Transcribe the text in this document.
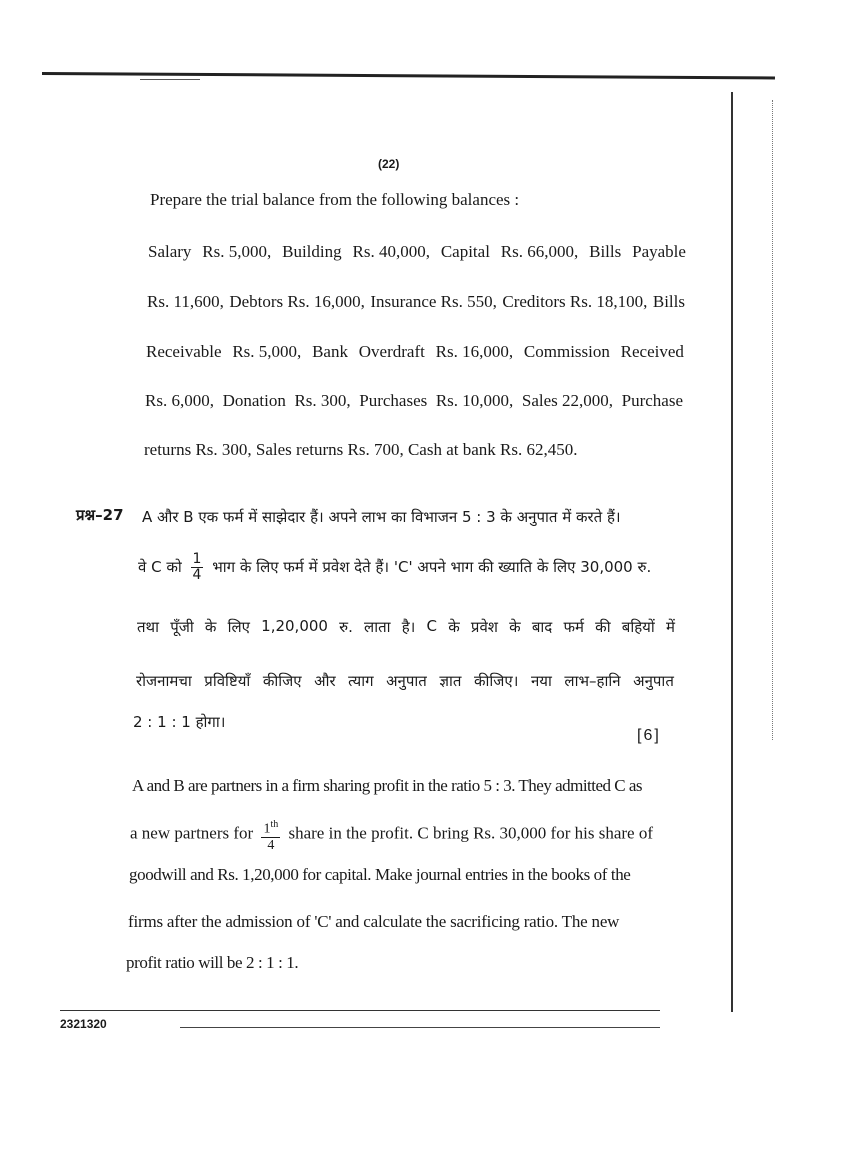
(22)
Prepare the trial balance from the following balances :
Salary Rs. 5,000, Building Rs. 40,000, Capital Rs. 66,000, Bills Payable
Rs. 11,600, Debtors Rs. 16,000, Insurance Rs. 550, Creditors Rs. 18,100, Bills
Receivable Rs. 5,000, Bank Overdraft Rs. 16,000, Commission Received
Rs. 6,000, Donation Rs. 300, Purchases Rs. 10,000, Sales 22,000, Purchase
returns Rs. 300, Sales returns Rs. 700, Cash at bank Rs. 62,450.
प्रश्न–27 A और B एक फर्म में साझेदार हैं। अपने लाभ का विभाजन 5 : 3 के अनुपात में करते हैं।
वे C को $\frac{1}{4}$ भाग के लिए फर्म में प्रवेश देते हैं। 'C' अपने भाग की ख्याति के लिए 30,000 रु.
तथा पूँजी के लिए 1,20,000 रु. लाता है। C के प्रवेश के बाद फर्म की बहियों में
रोजनामचा प्रविष्टियाँ कीजिए और त्याग अनुपात ज्ञात कीजिए। नया लाभ–हानि अनुपात
2 : 1 : 1 होगा।
[6]
A and B are partners in a firm sharing profit in the ratio 5 : 3. They admitted C as
a new partners for $\frac{1^{th}}{4}$ share in the profit. C bring Rs. 30,000 for his share of
goodwill and Rs. 1,20,000 for capital. Make journal entries in the books of the
firms after the admission of 'C' and calculate the sacrificing ratio. The new
profit ratio will be 2 : 1 : 1.
2321320
